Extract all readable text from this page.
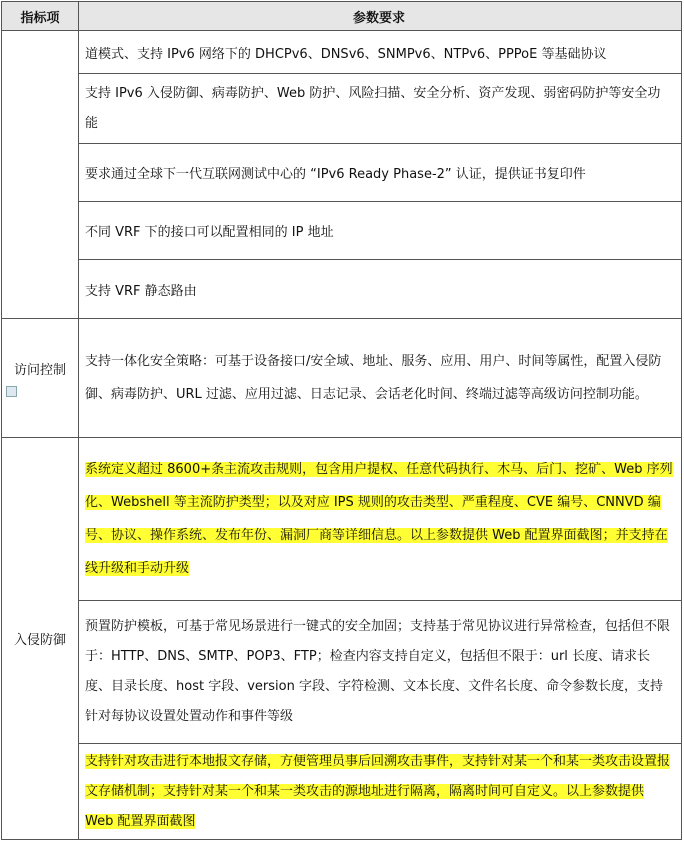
指标项	参数要求

道模式、支持 IPv6 网络下的 DHCPv6、DNSv6、SNMPv6、NTPv6、PPPoE 等基础协议

支持 IPv6 入侵防御、病毒防护、Web 防护、风险扫描、安全分析、资产发现、弱密码防护等安全功能

要求通过全球下一代互联网测试中心的 “IPv6 Ready Phase-2” 认证，提供证书复印件

不同 VRF 下的接口可以配置相同的 IP 地址

支持 VRF 静态路由

访问控制

支持一体化安全策略：可基于设备接口/安全域、地址、服务、应用、用户、时间等属性，配置入侵防御、病毒防护、URL 过滤、应用过滤、日志记录、会话老化时间、终端过滤等高级访问控制功能。

入侵防御

系统定义超过 8600+条主流攻击规则，包含用户提权、任意代码执行、木马、后门、挖矿、Web 序列化、Webshell 等主流防护类型；以及对应 IPS 规则的攻击类型、严重程度、CVE 编号、CNNVD 编号、协议、操作系统、发布年份、漏洞厂商等详细信息。以上参数提供 Web 配置界面截图；并支持在线升级和手动升级

预置防护模板，可基于常见场景进行一键式的安全加固；支持基于常见协议进行异常检查，包括但不限于：HTTP、DNS、SMTP、POP3、FTP；检查内容支持自定义，包括但不限于：url 长度、请求长度、目录长度、host 字段、version 字段、字符检测、文本长度、文件名长度、命令参数长度，支持针对每协议设置处置动作和事件等级

支持针对攻击进行本地报文存储，方便管理员事后回溯攻击事件，支持针对某一个和某一类攻击设置报文存储机制；支持针对某一个和某一类攻击的源地址进行隔离，隔离时间可自定义。以上参数提供 Web 配置界面截图
